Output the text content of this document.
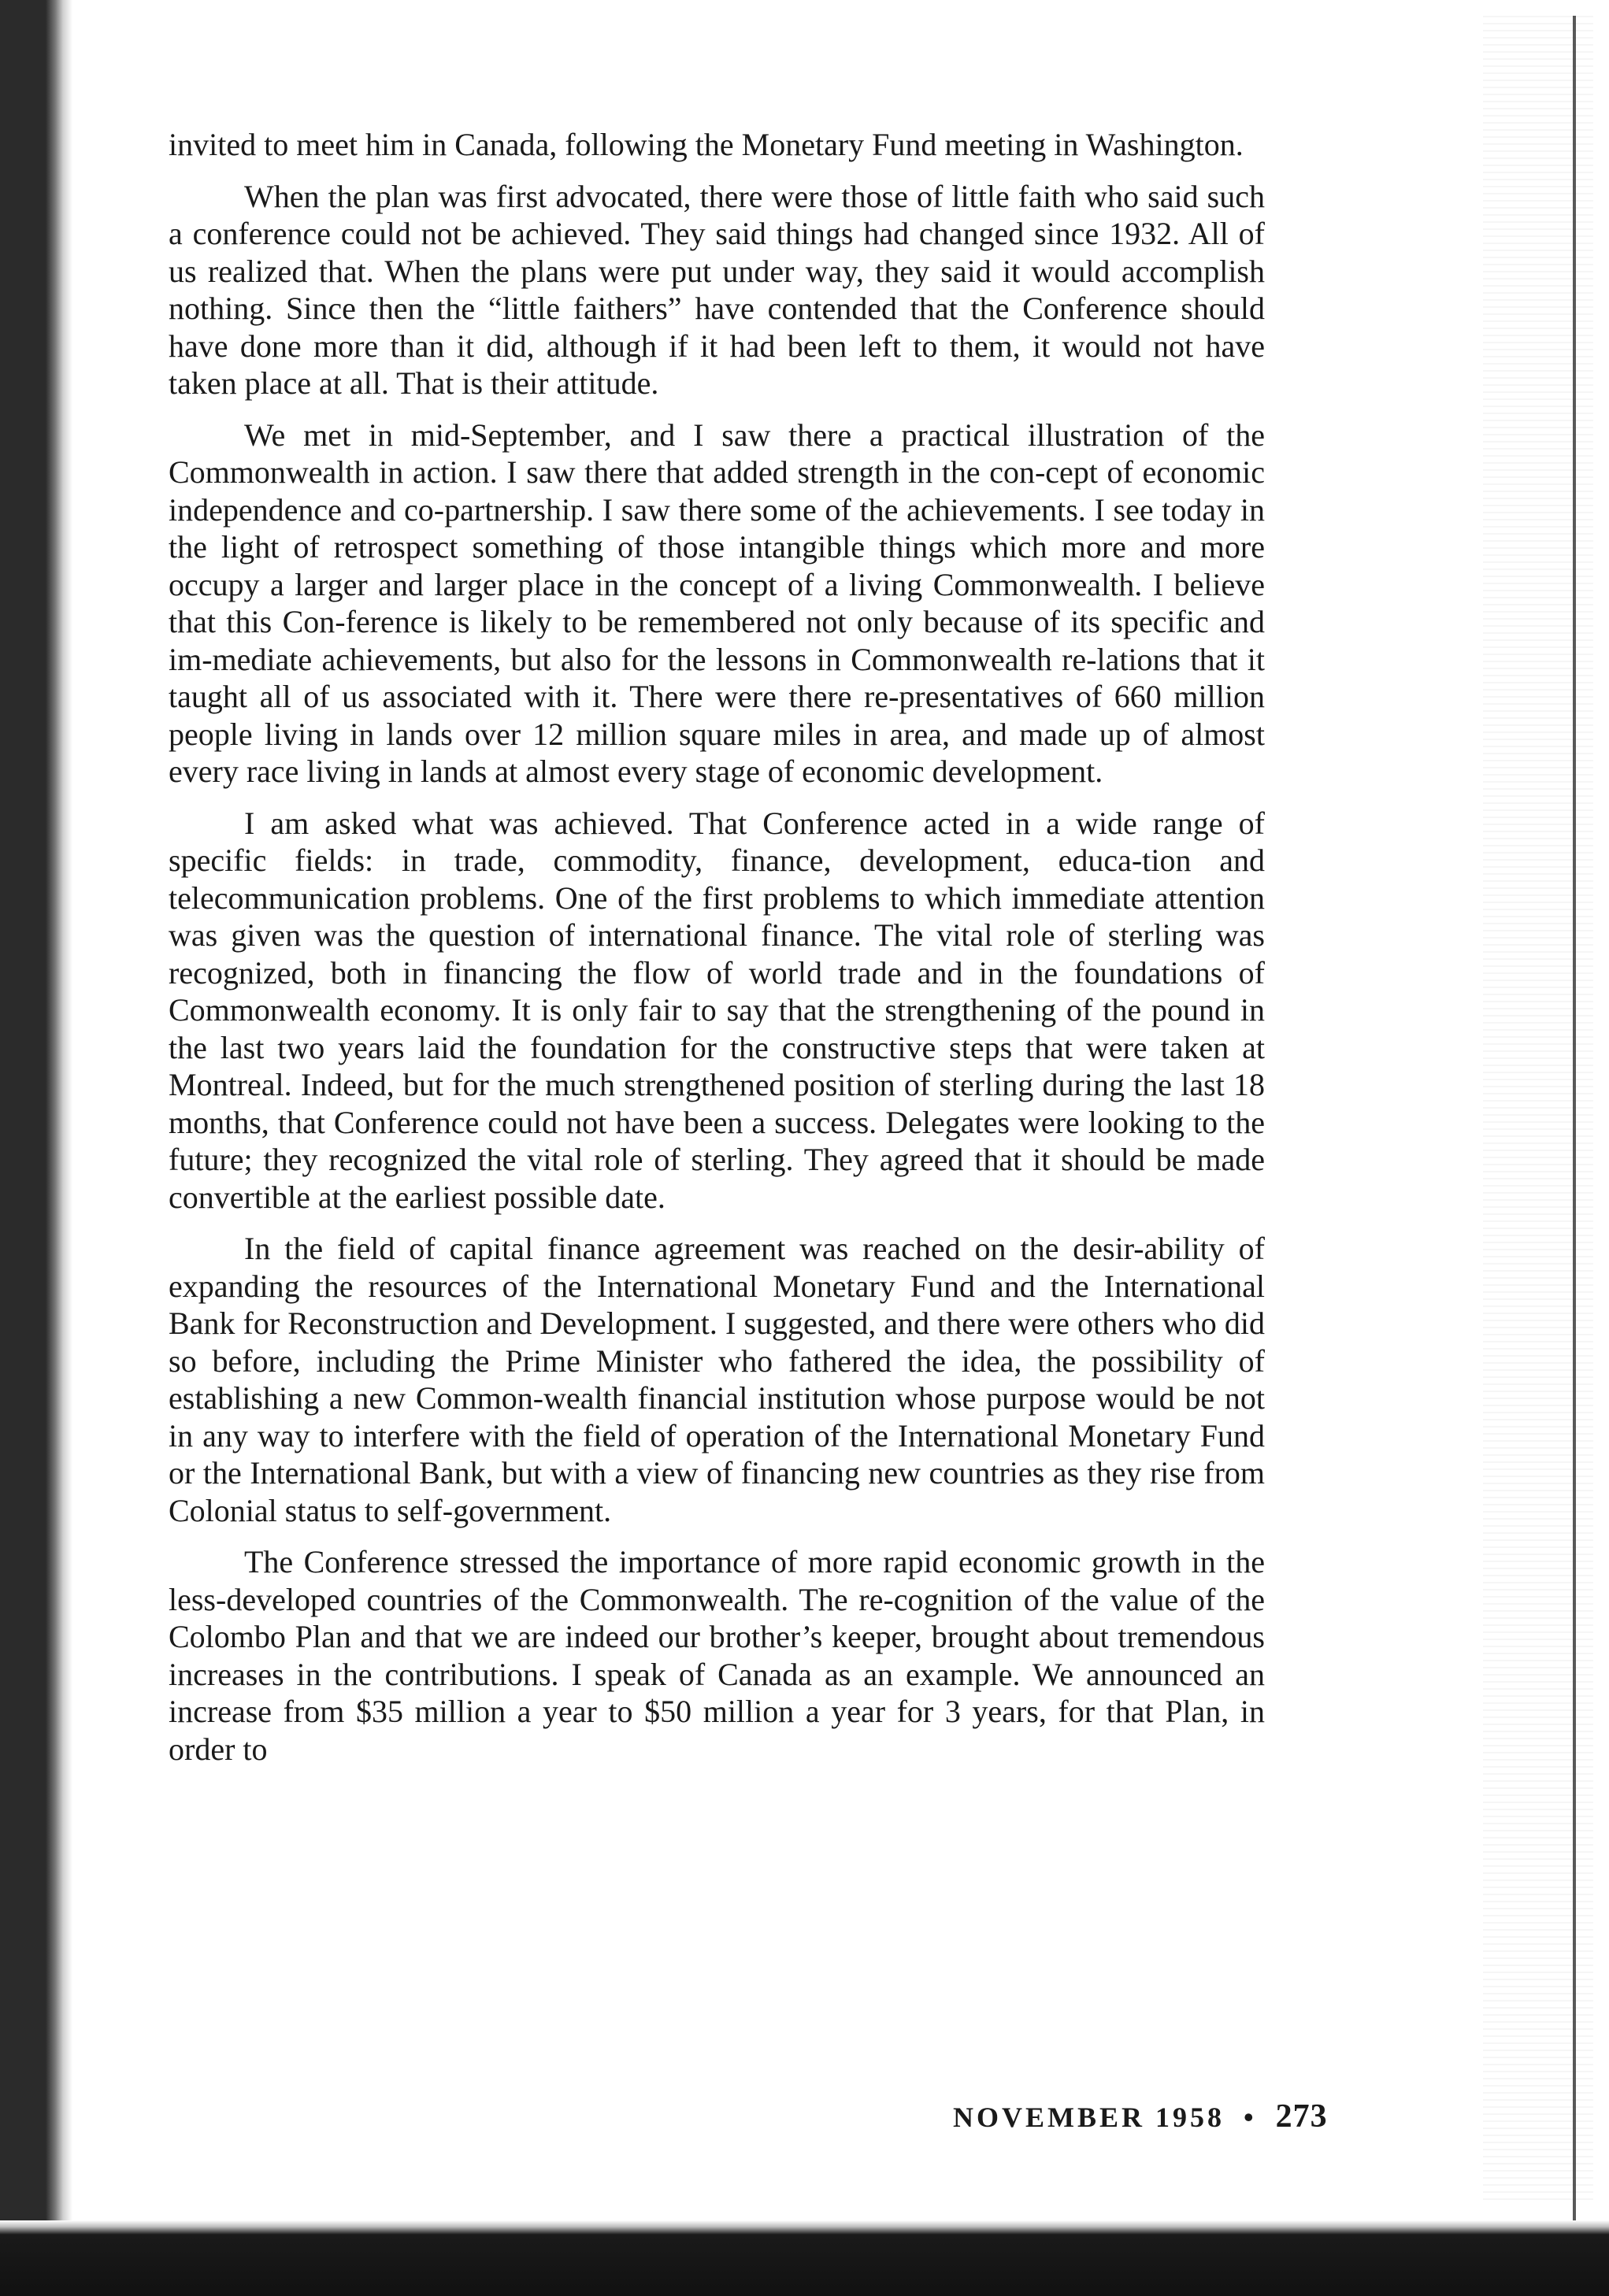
invited to meet him in Canada, following the Monetary Fund meeting in Washington.

When the plan was first advocated, there were those of little faith who said such a conference could not be achieved. They said things had changed since 1932. All of us realized that. When the plans were put under way, they said it would accomplish nothing. Since then the “little faithers” have contended that the Conference should have done more than it did, although if it had been left to them, it would not have taken place at all. That is their attitude.

We met in mid-September, and I saw there a practical illustration of the Commonwealth in action. I saw there that added strength in the con-cept of economic independence and co-partnership. I saw there some of the achievements. I see today in the light of retrospect something of those intangible things which more and more occupy a larger and larger place in the concept of a living Commonwealth. I believe that this Con-ference is likely to be remembered not only because of its specific and im-mediate achievements, but also for the lessons in Commonwealth re-lations that it taught all of us associated with it. There were there re-presentatives of 660 million people living in lands over 12 million square miles in area, and made up of almost every race living in lands at almost every stage of economic development.

I am asked what was achieved. That Conference acted in a wide range of specific fields: in trade, commodity, finance, development, educa-tion and telecommunication problems. One of the first problems to which immediate attention was given was the question of international finance. The vital role of sterling was recognized, both in financing the flow of world trade and in the foundations of Commonwealth economy. It is only fair to say that the strengthening of the pound in the last two years laid the foundation for the constructive steps that were taken at Montreal. Indeed, but for the much strengthened position of sterling during the last 18 months, that Conference could not have been a success. Delegates were looking to the future; they recognized the vital role of sterling. They agreed that it should be made convertible at the earliest possible date.

In the field of capital finance agreement was reached on the desir-ability of expanding the resources of the International Monetary Fund and the International Bank for Reconstruction and Development. I suggested, and there were others who did so before, including the Prime Minister who fathered the idea, the possibility of establishing a new Common-wealth financial institution whose purpose would be not in any way to interfere with the field of operation of the International Monetary Fund or the International Bank, but with a view of financing new countries as they rise from Colonial status to self-government.

The Conference stressed the importance of more rapid economic growth in the less-developed countries of the Commonwealth. The re-cognition of the value of the Colombo Plan and that we are indeed our brother’s keeper, brought about tremendous increases in the contributions. I speak of Canada as an example. We announced an increase from $35 million a year to $50 million a year for 3 years, for that Plan, in order to

NOVEMBER 1958 • 273
